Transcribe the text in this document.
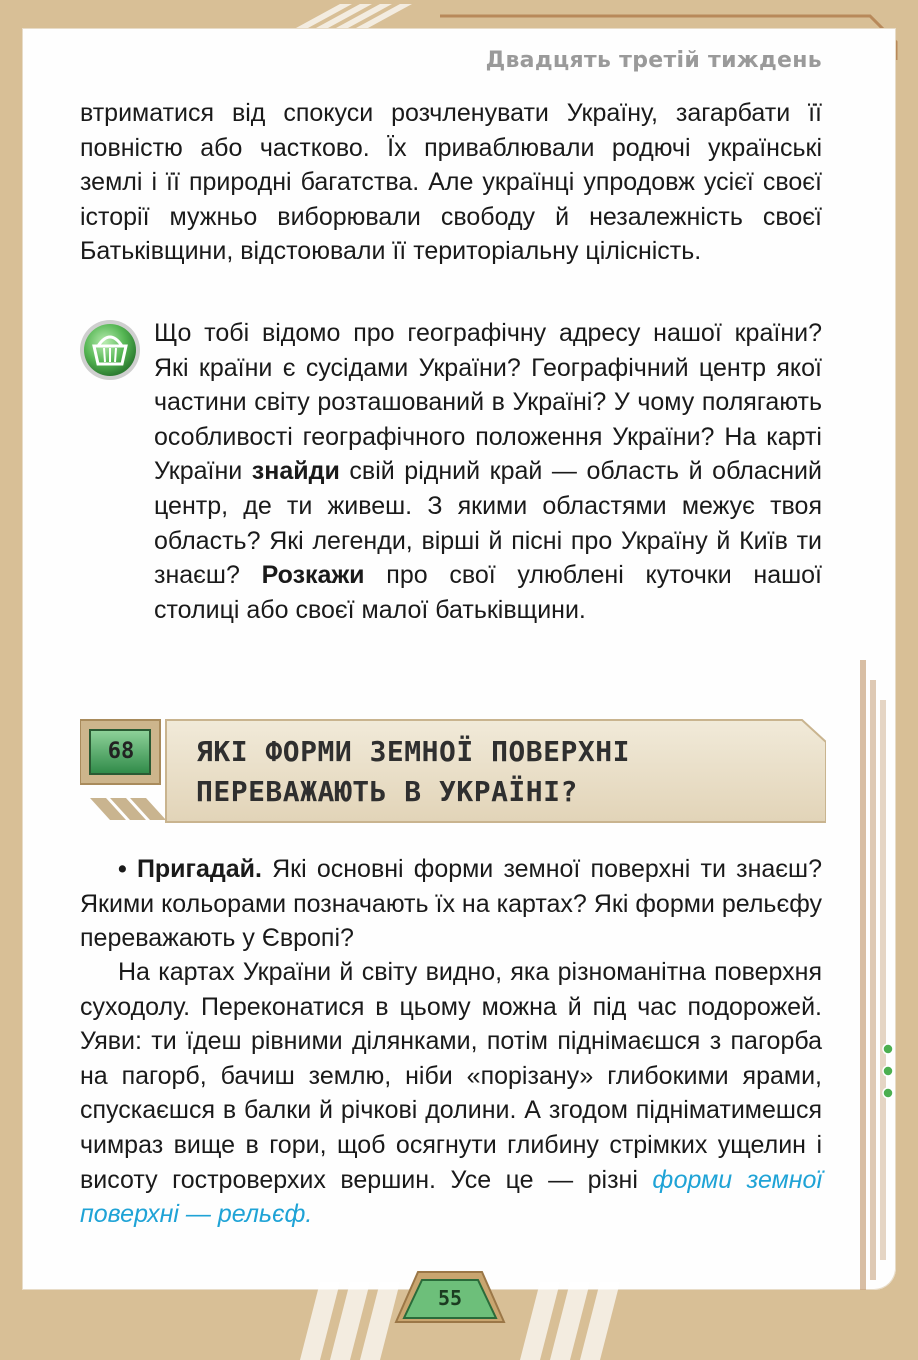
Двадцять третій тиждень

втриматися від спокуси розчленувати Україну, загарбати її повністю або частково. Їх приваблювали родючі українські землі і її природні багатства. Але українці упродовж усієї своєї історії мужньо виборювали свободу й незалежність своєї Батьківщини, відстоювали її територіальну цілісність.

Що тобі відомо про географічну адресу нашої країни? Які країни є сусідами України? Географічний центр якої частини світу розташований в Україні? У чому полягають особливості географічного положення України? На карті України знайди свій рідний край — область й обласний центр, де ти живеш. З якими областями межує твоя область? Які легенди, вірші й пісні про Україну й Київ ти знаєш? Розкажи про свої улюблені куточки нашої столиці або своєї малої батьківщини.

68	ЯКІ ФОРМИ ЗЕМНОЇ ПОВЕРХНІ
ПЕРЕВАЖАЮТЬ В УКРАЇНІ?

• Пригадай. Які основні форми земної поверхні ти знаєш? Якими кольорами позначають їх на картах? Які форми рельєфу переважають у Європі?

На картах України й світу видно, яка різноманітна поверхня суходолу. Переконатися в цьому можна й під час подорожей. Уяви: ти їдеш рівними ділянками, потім піднімаєшся з пагорба на пагорб, бачиш землю, ніби «порізану» глибокими ярами, спускаєшся в балки й річкові долини. А згодом підніматимешся чимраз вище в гори, щоб осягнути глибину стрімких ущелин і висоту гостроверхих вершин. Усе це — різні форми земної поверхні — рельєф.

55
